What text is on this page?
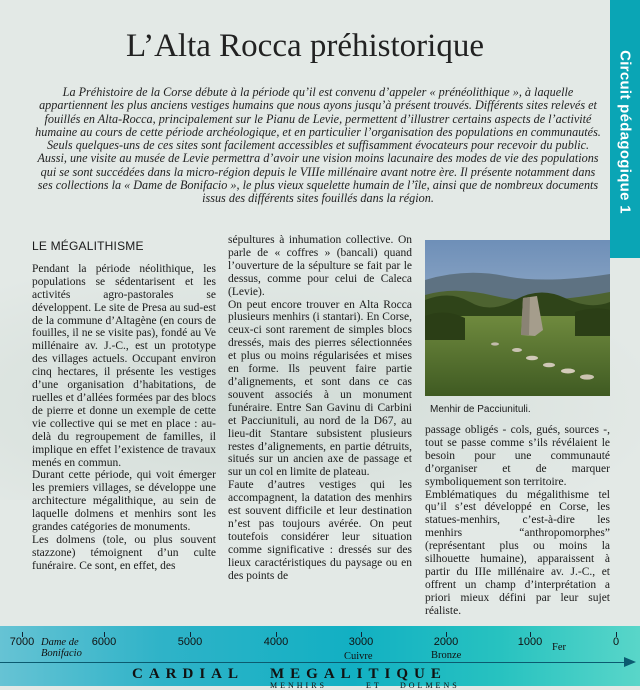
Circuit pédagogique 1
L’Alta Rocca préhistorique

La Préhistoire de la Corse débute à la période qu’il est convenu d’appeler « prénéolithique », à laquelle appartiennent les plus anciens vestiges humains que nous ayons jusqu’à présent trouvés. Différents sites relevés et fouillés en Alta-Rocca, principalement sur le Pianu de Levie, permettent d’illustrer certains aspects de l’activité humaine au cours de cette période archéologique, et en particulier l’organisation des populations en communautés. Seuls quelques-uns de ces sites sont facilement accessibles et suffisamment évocateurs pour recevoir du public. Aussi, une visite au musée de Levie permettra d’avoir une vision moins lacunaire des modes de vie des populations qui se sont succédées dans la micro-région depuis le VIIIe millénaire avant notre ère. Il présente notamment dans ses collections la « Dame de Bonifacio », le plus vieux squelette humain de l’île, ainsi que de nombreux documents issus des différents sites fouillés dans la région.

LE MÉGALITHISME

Pendant la période néolithique, les populations se sédentarisent et les activités agro-pastorales se développent. Le site de Presa au sud-est de la commune d’Altagène (en cours de fouilles, il ne se visite pas), fondé au Ve millénaire av. J.-C., est un prototype des villages actuels. Occupant environ cinq hectares, il présente les vestiges d’une organisation d’habitations, de ruelles et d’allées formées par des blocs de pierre et donne un exemple de cette vie collective qui se met en place : au-delà du regroupement de familles, il implique en effet l’existence de travaux menés en commun.

Durant cette période, qui voit émerger les premiers villages, se développe une architecture mégalithique, au sein de laquelle dolmens et menhirs sont les grandes catégories de monuments.

Les dolmens (tole, ou plus souvent stazzone) témoignent d’un culte funéraire. Ce sont, en effet, des

sépultures à inhumation collective. On parle de « coffres » (bancali) quand l’ouverture de la sépulture se fait par le dessus, comme pour celui de Caleca (Levie).

On peut encore trouver en Alta Rocca plusieurs menhirs (i stantari). En Corse, ceux-ci sont rarement de simples blocs dressés, mais des pierres sélectionnées et plus ou moins régularisées et mises en forme. Ils peuvent faire partie d’alignements, et sont dans ce cas souvent associés à un monument funéraire. Entre San Gavinu di Carbini et Pacciunituli, au nord de la D67, au lieu-dit Stantare subsistent plusieurs restes d’alignements, en partie détruits, situés sur un ancien axe de passage et sur un col en limite de plateau.

Faute d’autres vestiges qui les accompagnent, la datation des menhirs est souvent difficile et leur destination n’est pas toujours avérée. On peut toutefois considérer leur situation comme significative : dressés sur des lieux caractéristiques du paysage ou en des points de

Menhir de Pacciunituli.

passage obligés - cols, gués, sources -, tout se passe comme s’ils révélaient le besoin pour une communauté d’organiser et de marquer symboliquement son territoire.

Emblématiques du mégalithisme tel qu’il s’est développé en Corse, les statues-menhirs, c’est-à-dire les menhirs “anthropomorphes” (représentant plus ou moins la silhouette humaine), apparaissent à partir du IIIe millénaire av. J.-C., et offrent un champ d’interprétation a priori mieux défini par leur sujet réaliste.

7000	6000	5000	4000	3000	2000	1000	0
Dame de
Bonifacio	Cuivre	Bronze
Fer
CARDIAL MEGALITIQUE
MENHIRS	ET DOLMENS
